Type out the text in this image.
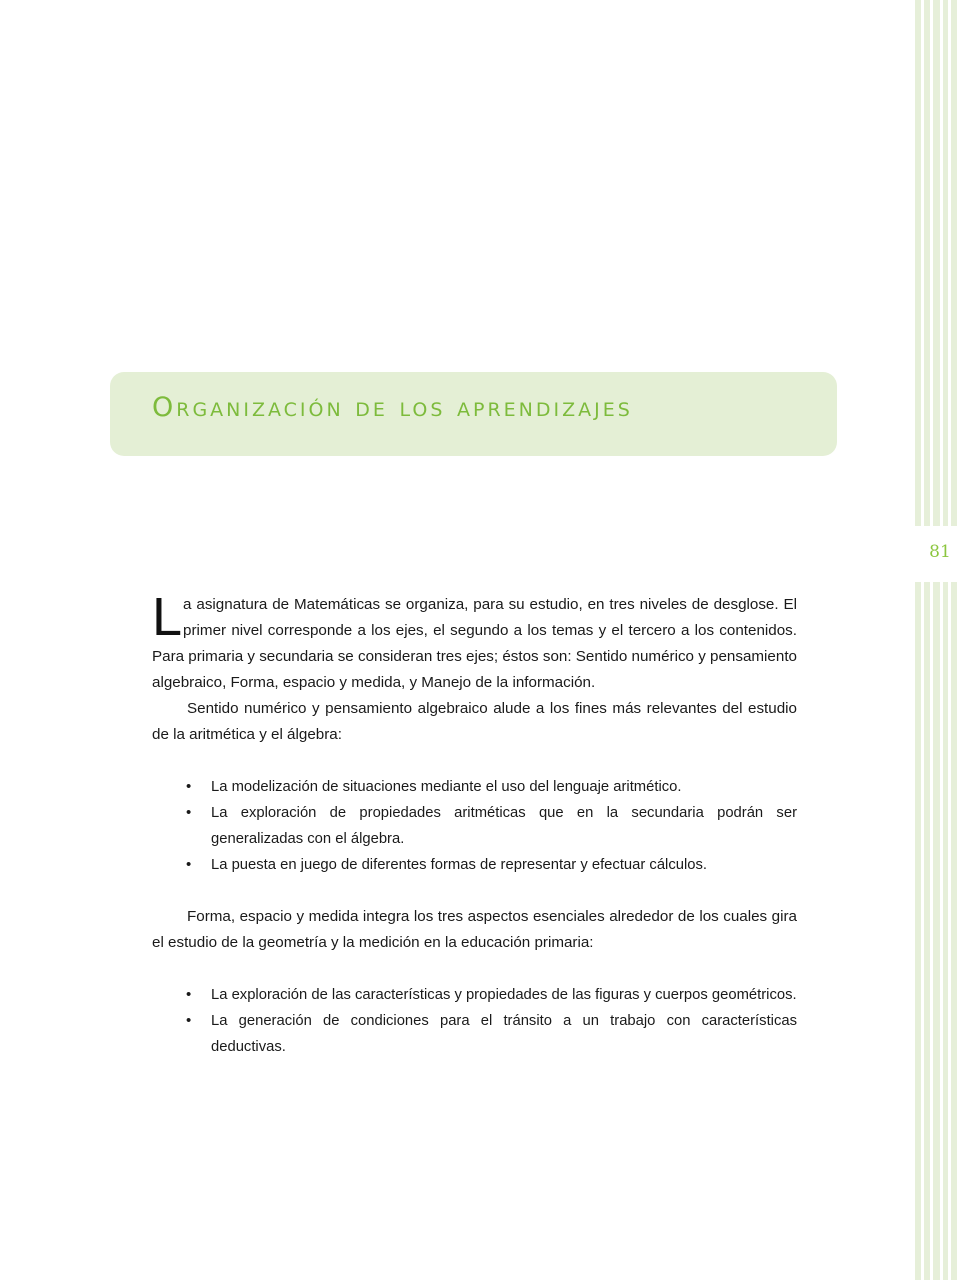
81
Organización de los aprendizajes

La asignatura de Matemáticas se organiza, para su estudio, en tres niveles de desglose. El primer nivel corresponde a los ejes, el segundo a los temas y el tercero a los contenidos. Para primaria y secundaria se consideran tres ejes; éstos son: Sentido numérico y pensamiento algebraico, Forma, espacio y medida, y Manejo de la información.

Sentido numérico y pensamiento algebraico alude a los fines más relevantes del estudio de la aritmética y el álgebra:

• La modelización de situaciones mediante el uso del lenguaje aritmético.
• La exploración de propiedades aritméticas que en la secundaria podrán ser generalizadas con el álgebra.
• La puesta en juego de diferentes formas de representar y efectuar cálculos.

Forma, espacio y medida integra los tres aspectos esenciales alrededor de los cuales gira el estudio de la geometría y la medición en la educación primaria:

• La exploración de las características y propiedades de las figuras y cuerpos geométricos.
• La generación de condiciones para el tránsito a un trabajo con características deductivas.
